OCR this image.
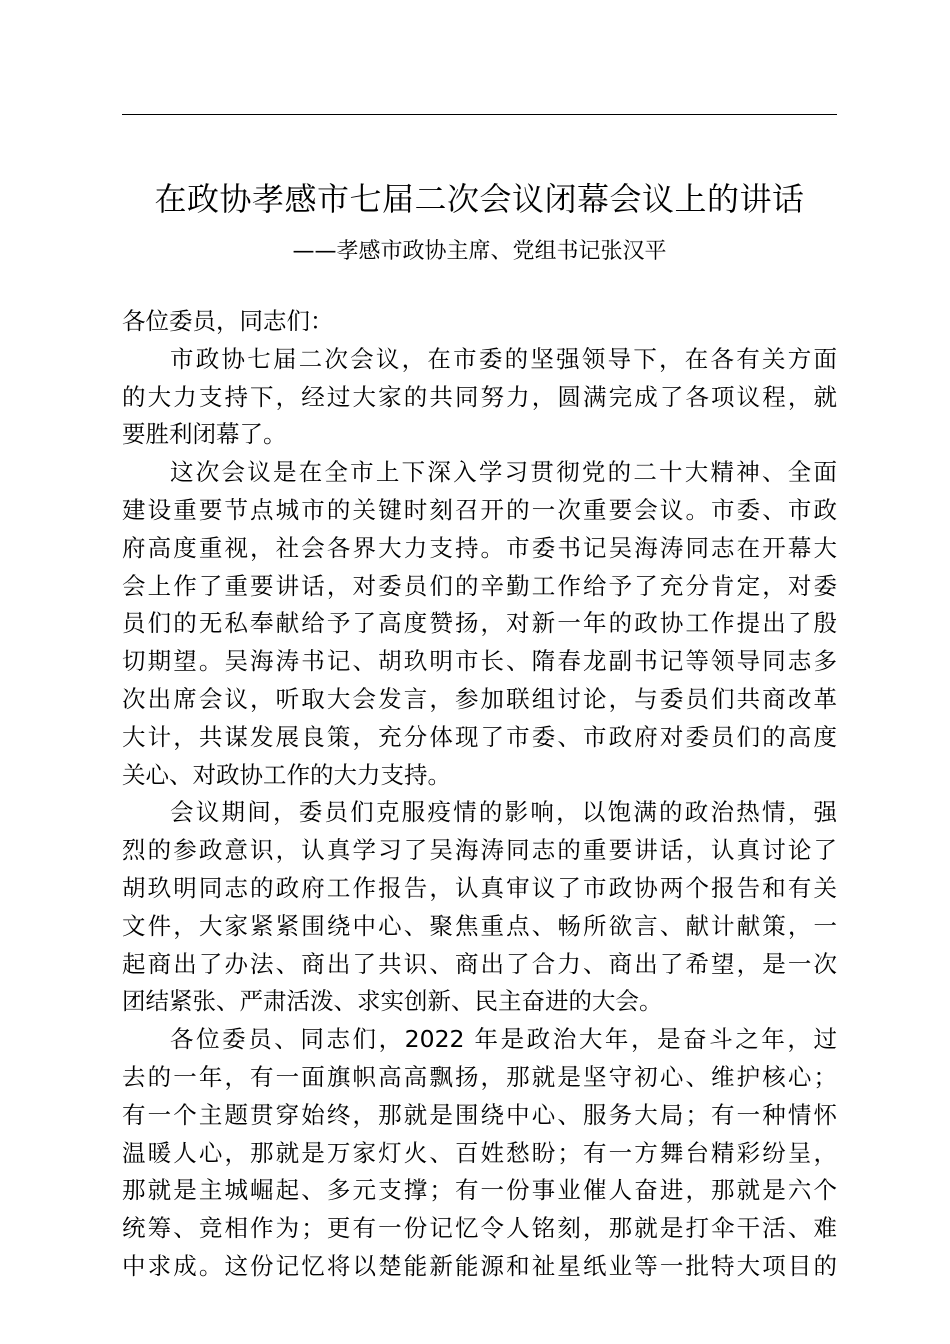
在政协孝感市七届二次会议闭幕会议上的讲话
——孝感市政协主席、党组书记张汉平
各位委员，同志们：
市政协七届二次会议，在市委的坚强领导下，在各有关方面
的大力支持下，经过大家的共同努力，圆满完成了各项议程，就
要胜利闭幕了。
这次会议是在全市上下深入学习贯彻党的二十大精神、全面
建设重要节点城市的关键时刻召开的一次重要会议。市委、市政
府高度重视，社会各界大力支持。市委书记吴海涛同志在开幕大
会上作了重要讲话，对委员们的辛勤工作给予了充分肯定，对委
员们的无私奉献给予了高度赞扬，对新一年的政协工作提出了殷
切期望。吴海涛书记、胡玖明市长、隋春龙副书记等领导同志多
次出席会议，听取大会发言，参加联组讨论，与委员们共商改革
大计，共谋发展良策，充分体现了市委、市政府对委员们的高度
关心、对政协工作的大力支持。
会议期间，委员们克服疫情的影响，以饱满的政治热情，强
烈的参政意识，认真学习了吴海涛同志的重要讲话，认真讨论了
胡玖明同志的政府工作报告，认真审议了市政协两个报告和有关
文件，大家紧紧围绕中心、聚焦重点、畅所欲言、献计献策，一
起商出了办法、商出了共识、商出了合力、商出了希望，是一次
团结紧张、严肃活泼、求实创新、民主奋进的大会。
各位委员、同志们，2022 年是政治大年，是奋斗之年，过
去的一年，有一面旗帜高高飘扬，那就是坚守初心、维护核心；
有一个主题贯穿始终，那就是围绕中心、服务大局；有一种情怀
温暖人心，那就是万家灯火、百姓愁盼；有一方舞台精彩纷呈，
那就是主城崛起、多元支撑；有一份事业催人奋进，那就是六个
统筹、竞相作为；更有一份记忆令人铭刻，那就是打伞干活、难
中求成。这份记忆将以楚能新能源和祉星纸业等一批特大项目的
